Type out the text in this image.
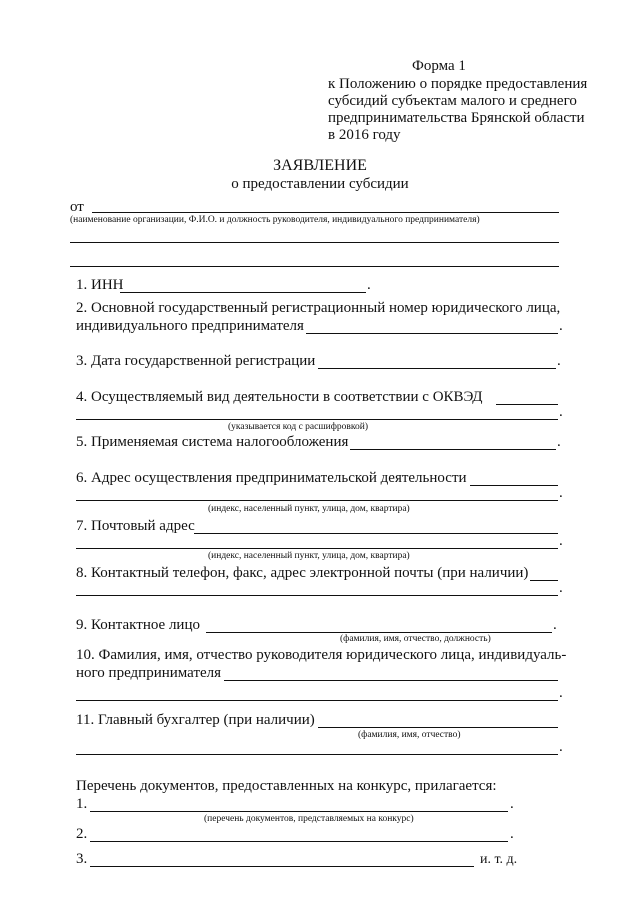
Форма 1
к Положению о порядке предоставления
субсидий субъектам малого и среднего
предпринимательства Брянской области
в 2016 году
ЗАЯВЛЕНИЕ
о предоставлении субсидии
от
(наименование организации, Ф.И.О. и должность руководителя, индивидуального предпринимателя)
1. ИНН	.
2. Основной государственный регистрационный номер юридического лица,
индивидуального предпринимателя	.
3. Дата государственной регистрации	.
4. Осуществляемый вид деятельности в соответствии с ОКВЭД
.
(указывается код с расшифровкой)
5. Применяемая система налогообложения	.
6. Адрес осуществления предпринимательской деятельности
.
(индекс, населенный пункт, улица, дом, квартира)
7. Почтовый адрес
.
(индекс, населенный пункт, улица, дом, квартира)
8. Контактный телефон, факс, адрес электронной почты (при наличии)
.
9. Контактное лицо	.
(фамилия, имя, отчество, должность)
10. Фамилия, имя, отчество руководителя юридического лица, индивидуаль-
ного предпринимателя
.
11. Главный бухгалтер (при наличии)
(фамилия, имя, отчество)
.
Перечень документов, предоставленных на конкурс, прилагается:
1.	.
(перечень документов, представляемых на конкурс)
2.	.
3.	и. т. д.
